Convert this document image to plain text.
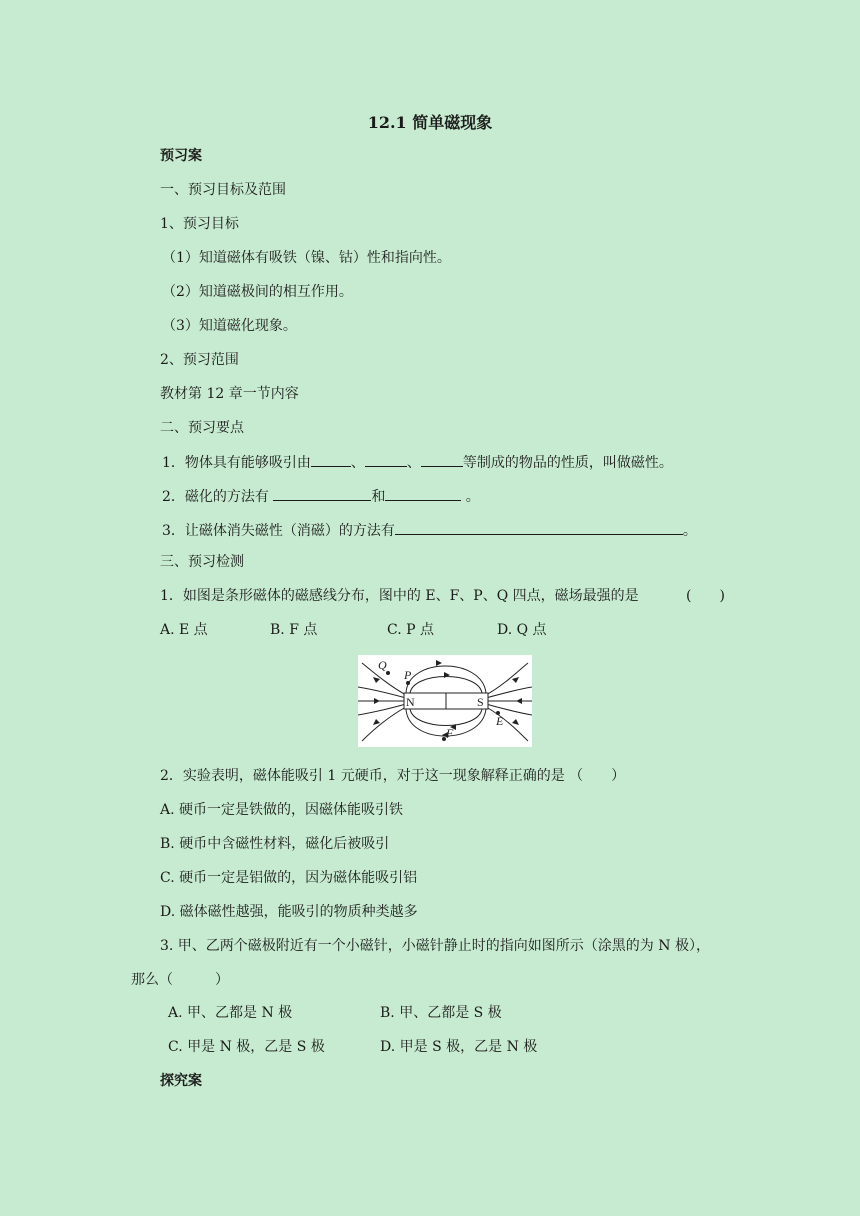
12.1 简单磁现象
预习案
一、预习目标及范围
1、预习目标
（1）知道磁体有吸铁（镍、钴）性和指向性。
（2）知道磁极间的相互作用。
（3）知道磁化现象。
2、预习范围
教材第 12 章一节内容
二、预习要点
1．物体具有能够吸引由	、	、	等制成的物品的性质，叫做磁性。
2．磁化的方法有	和	。
3．让磁体消失磁性（消磁）的方法有	。
三、预习检测
1．如图是条形磁体的磁感线分布，图中的 E、F、P、Q 四点，磁场最强的是	(　　)
A. E 点	B. F 点	C. P 点	D. Q 点
N	S
Q
P
E
F
2．实验表明，磁体能吸引 1 元硬币，对于这一现象解释正确的是 （　　）
A. 硬币一定是铁做的，因磁体能吸引铁
B. 硬币中含磁性材料，磁化后被吸引
C. 硬币一定是铝做的，因为磁体能吸引铝
D. 磁体磁性越强，能吸引的物质种类越多
3. 甲、乙两个磁极附近有一个小磁针，小磁针静止时的指向如图所示（涂黑的为 N 极），
那么（　　　）
A. 甲、乙都是 N 极	B. 甲、乙都是 S 极
C. 甲是 N 极，乙是 S 极	D. 甲是 S 极，乙是 N 极
探究案
